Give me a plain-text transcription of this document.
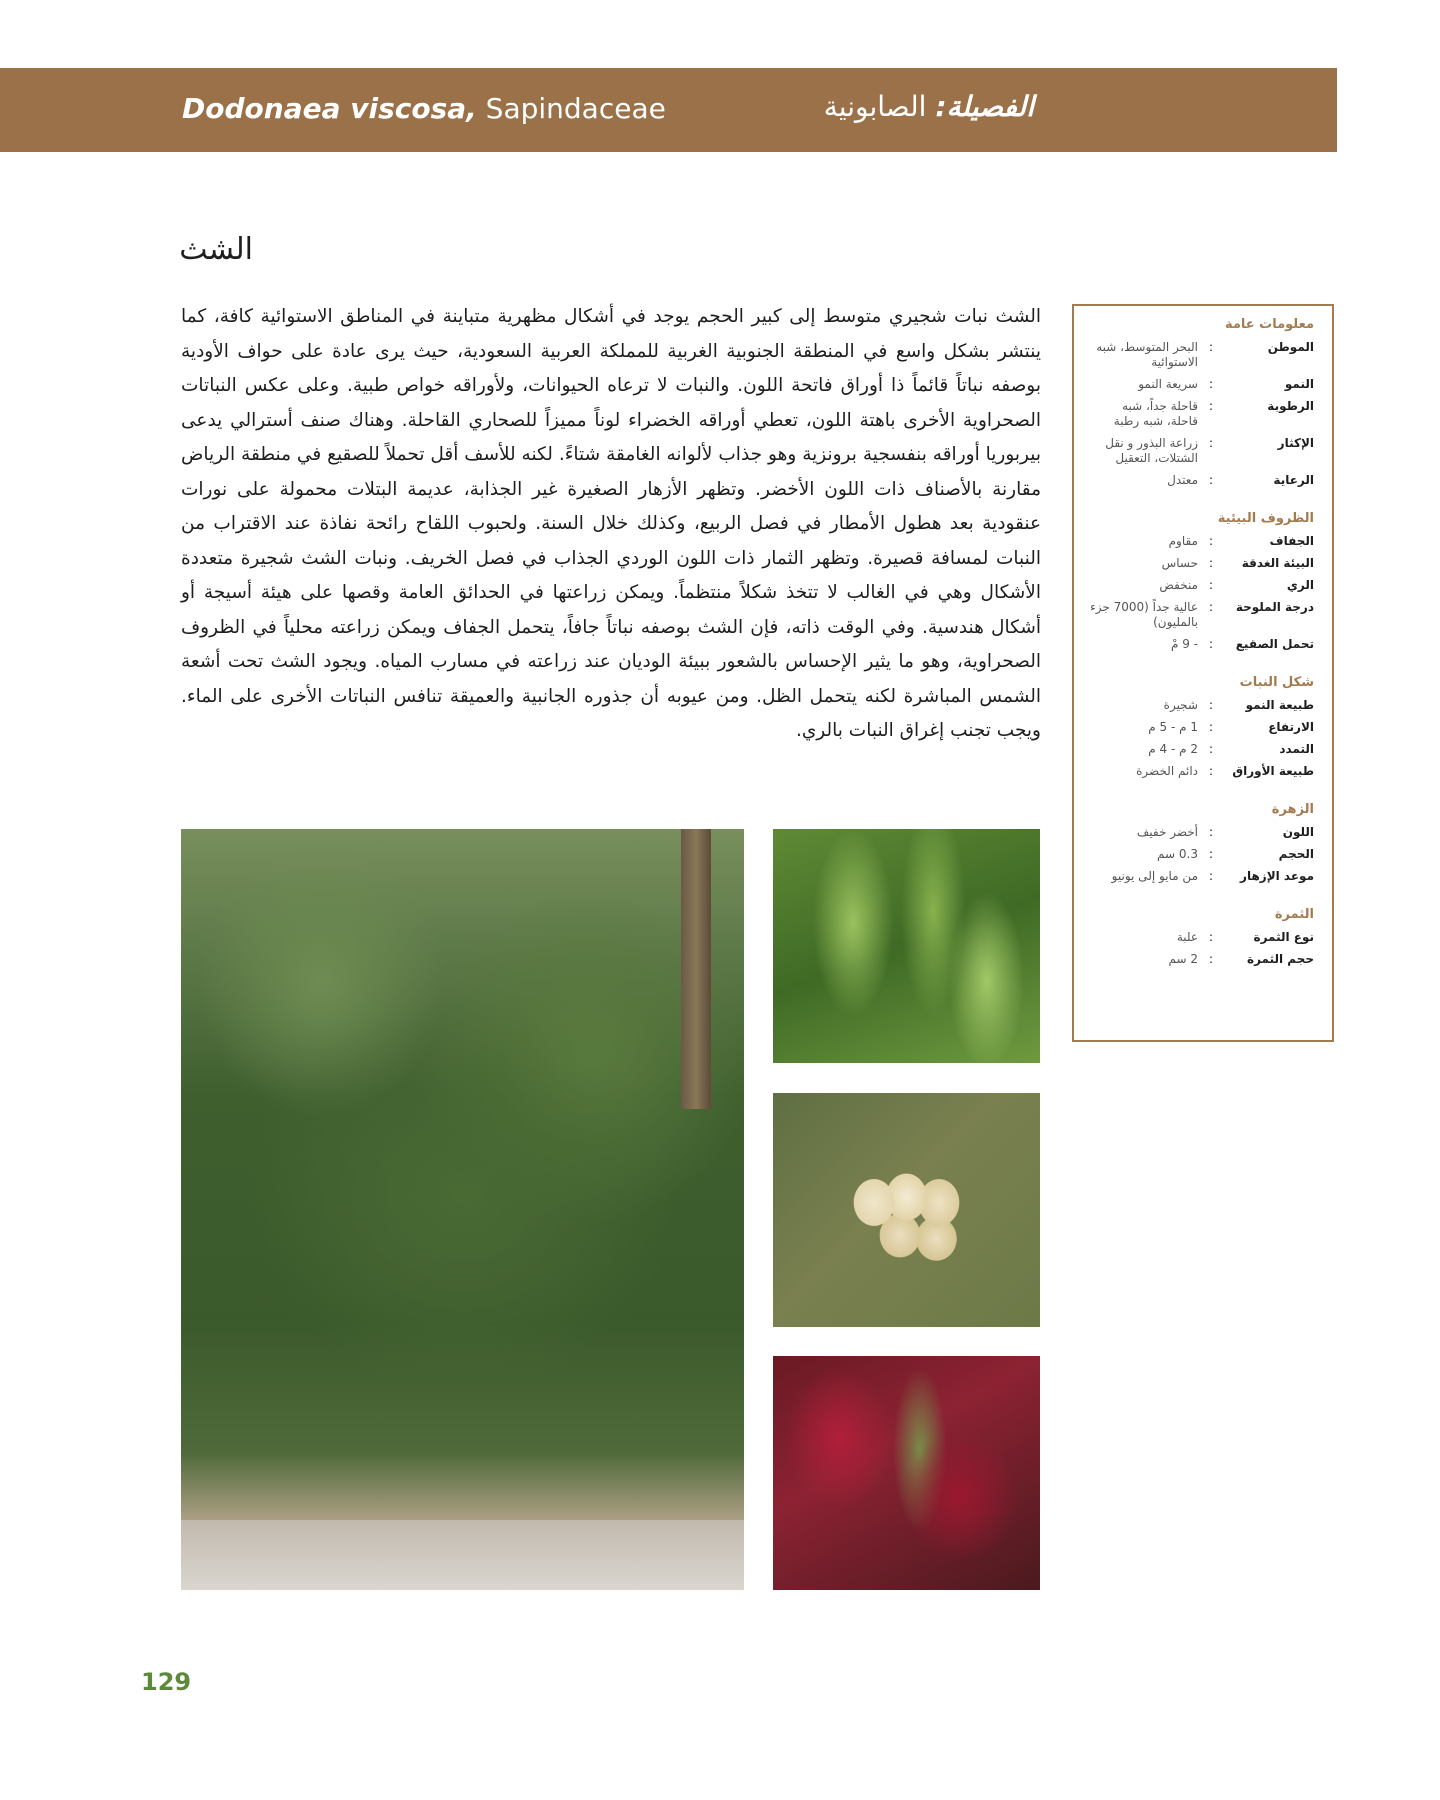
Dodonaea viscosa, Sapindaceae	الفصيلة: الصابونية
الشث
الشث نبات شجيري متوسط إلى كبير الحجم يوجد في أشكال مظهرية متباينة في المناطق الاستوائية كافة، كما ينتشر بشكل واسع في المنطقة الجنوبية الغربية للمملكة العربية السعودية، حيث يرى عادة على حواف الأودية بوصفه نباتاً قائماً ذا أوراق فاتحة اللون. والنبات لا ترعاه الحيوانات، ولأوراقه خواص طبية. وعلى عكس النباتات الصحراوية الأخرى باهتة اللون، تعطي أوراقه الخضراء لوناً مميزاً للصحاري القاحلة. وهناك صنف أسترالي يدعى بيربوريا أوراقه بنفسجية برونزية وهو جذاب لألوانه الغامقة شتاءً. لكنه للأسف أقل تحملاً للصقيع في منطقة الرياض مقارنة بالأصناف ذات اللون الأخضر. وتظهر الأزهار الصغيرة غير الجذابة، عديمة البتلات محمولة على نورات عنقودية بعد هطول الأمطار في فصل الربيع، وكذلك خلال السنة. ولحبوب اللقاح رائحة نفاذة عند الاقتراب من النبات لمسافة قصيرة. وتظهر الثمار ذات اللون الوردي الجذاب في فصل الخريف. ونبات الشث شجيرة متعددة الأشكال وهي في الغالب لا تتخذ شكلاً منتظماً. ويمكن زراعتها في الحدائق العامة وقصها على هيئة أسيجة أو أشكال هندسية. وفي الوقت ذاته، فإن الشث بوصفه نباتاً جافاً، يتحمل الجفاف ويمكن زراعته محلياً في الظروف الصحراوية، وهو ما يثير الإحساس بالشعور ببيئة الوديان عند زراعته في مسارب المياه. ويجود الشث تحت أشعة الشمس المباشرة لكنه يتحمل الظل. ومن عيوبه أن جذوره الجانبية والعميقة تنافس النباتات الأخرى على الماء. ويجب تجنب إغراق النبات بالري.
معلومات عامة
الموطن
:
البحر المتوسط، شبه الاستوائية
النمو
:
سريعة النمو
الرطوبة
:
قاحلة جداً، شبه قاحلة، شبه رطبة
الإكثار
:
زراعة البذور و نقل الشتلات، التعقيل
الرعاية
:
معتدل
الظروف البيئية
الجفاف
:
مقاوم
البيئة الغدقة
:
حساس
الري
:
منخفض
درجة الملوحة
:
عالية جداً (7000 جزء بالمليون)
تحمل الصقيع
:
- 9 مْ
شكل النبات
طبيعة النمو
:
شجيرة
الارتفاع
:
1 م - 5 م
التمدد
:
2 م - 4 م
طبيعة الأوراق
:
دائم الخضرة
الزهرة
اللون
:
أخضر خفيف
الحجم
:
0.3 سم
موعد الإزهار
:
من مايو إلى يونيو
الثمرة
نوع الثمرة
:
علبة
حجم الثمرة
:
2 سم
129
